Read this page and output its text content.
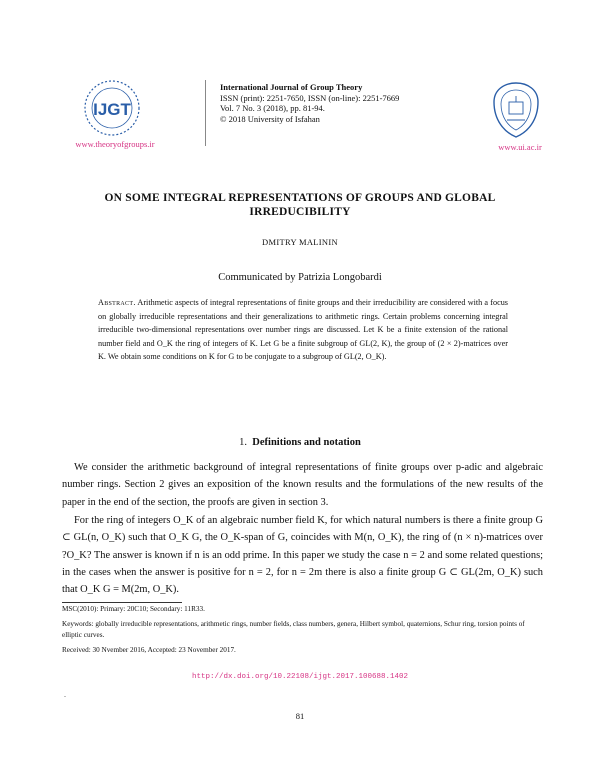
IJGT
www.theoryofgroups.ir
International Journal of Group Theory
ISSN (print): 2251-7650, ISSN (on-line): 2251-7669
Vol. 7 No. 3 (2018), pp. 81-94.
© 2018 University of Isfahan
www.ui.ac.ir
ON SOME INTEGRAL REPRESENTATIONS OF GROUPS AND GLOBAL IRREDUCIBILITY
DMITRY MALININ
Communicated by Patrizia Longobardi
Abstract. Arithmetic aspects of integral representations of finite groups and their irreducibility are considered with a focus on globally irreducible representations and their generalizations to arithmetic rings. Certain problems concerning integral irreducible two-dimensional representations over number rings are discussed. Let K be a finite extension of the rational number field and O_K the ring of integers of K. Let G be a finite subgroup of GL(2, K), the group of (2 × 2)-matrices over K. We obtain some conditions on K for G to be conjugate to a subgroup of GL(2, O_K).
1. Definitions and notation
We consider the arithmetic background of integral representations of finite groups over p-adic and algebraic number rings. Section 2 gives an exposition of the known results and the formulations of the new results of the paper in the end of the section, the proofs are given in section 3.
For the ring of integers O_K of an algebraic number field K, for which natural numbers is there a finite group G ⊂ GL(n, O_K) such that O_K G, the O_K-span of G, coincides with M(n, O_K), the ring of (n × n)-matrices over ?O_K? The answer is known if n is an odd prime. In this paper we study the case n = 2 and some related questions; in the cases when the answer is positive for n = 2, for n = 2m there is also a finite group G ⊂ GL(2m, O_K) such that O_K G = M(2m, O_K).
MSC(2010): Primary: 20C10; Secondary: 11R33.
Keywords: globally irreducible representations, arithmetic rings, number fields, class numbers, genera, Hilbert symbol, quaternions, Schur ring, torsion points of elliptic curves.
Received: 30 Nvember 2016, Accepted: 23 November 2017.
http://dx.doi.org/10.22108/ijgt.2017.100688.1402
.
81
